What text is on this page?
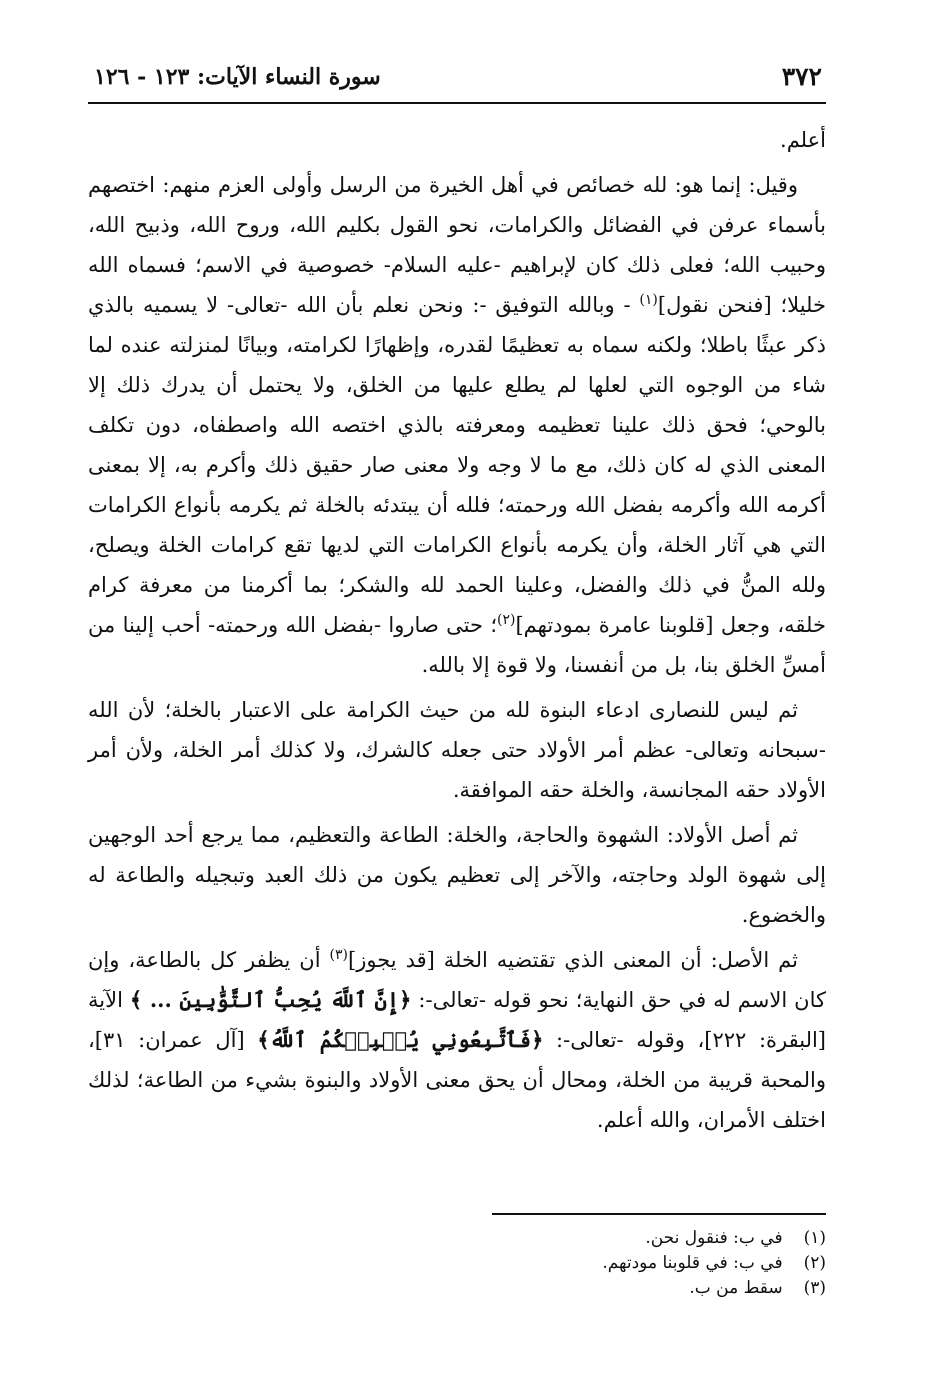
٣٧٢
سورة النساء الآيات: ١٢٣ - ١٢٦

أعلم.

وقيل: إنما هو: لله خصائص في أهل الخيرة من الرسل وأولى العزم منهم: اختصهم بأسماء عرفن في الفضائل والكرامات، نحو القول بكليم الله، وروح الله، وذبيح الله، وحبيب الله؛ فعلى ذلك كان لإبراهيم -عليه السلام- خصوصية في الاسم؛ فسماه الله خليلا؛ [فنحن نقول]$^{(١)}$ - وبالله التوفيق -: ونحن نعلم بأن الله -تعالى- لا يسميه بالذي ذكر عبثًا باطلا؛ ولكنه سماه به تعظيمًا لقدره، وإظهارًا لكرامته، وبيانًا لمنزلته عنده لما شاء من الوجوه التي لعلها لم يطلع عليها من الخلق، ولا يحتمل أن يدرك ذلك إلا بالوحي؛ فحق ذلك علينا تعظيمه ومعرفته بالذي اختصه الله واصطفاه، دون تكلف المعنى الذي له كان ذلك، مع ما لا وجه ولا معنى صار حقيق ذلك وأكرم به، إلا بمعنى أكرمه الله وأكرمه بفضل الله ورحمته؛ فلله أن يبتدئه بالخلة ثم يكرمه بأنواع الكرامات التي هي آثار الخلة، وأن يكرمه بأنواع الكرامات التي لديها تقع كرامات الخلة ويصلح، ولله المنُّ في ذلك والفضل، وعلينا الحمد لله والشكر؛ بما أكرمنا من معرفة كرام خلقه، وجعل [قلوبنا عامرة بمودتهم]$^{(٢)}$؛ حتى صاروا -بفضل الله ورحمته- أحب إلينا من أمسِّ الخلق بنا، بل من أنفسنا، ولا قوة إلا بالله.

ثم ليس للنصارى ادعاء البنوة لله من حيث الكرامة على الاعتبار بالخلة؛ لأن الله -سبحانه وتعالى- عظم أمر الأولاد حتى جعله كالشرك، ولا كذلك أمر الخلة، ولأن أمر الأولاد حقه المجانسة، والخلة حقه الموافقة.

ثم أصل الأولاد: الشهوة والحاجة، والخلة: الطاعة والتعظيم، مما يرجع أحد الوجهين إلى شهوة الولد وحاجته، والآخر إلى تعظيم يكون من ذلك العبد وتبجيله والطاعة له والخضوع.

ثم الأصل: أن المعنى الذي تقتضيه الخلة [قد يجوز]$^{(٣)}$ أن يظفر كل بالطاعة، وإن كان الاسم له في حق النهاية؛ نحو قوله -تعالى-: ﴿إِنَّ ٱللَّهَ يُحِبُّ ٱلتَّوَّٰبِينَ ... ﴾ الآية [البقرة: ٢٢٢]، وقوله -تعالى-: ﴿فَٱتَّبِعُونِي يُحۡبِبۡكُمُ ٱللَّهُ﴾ [آل عمران: ٣١]، والمحبة قريبة من الخلة، ومحال أن يحق معنى الأولاد والبنوة بشيء من الطاعة؛ لذلك اختلف الأمران، والله أعلم.

(١) في ب: فنقول نحن.
(٢) في ب: في قلوبنا مودتهم.
(٣) سقط من ب.
